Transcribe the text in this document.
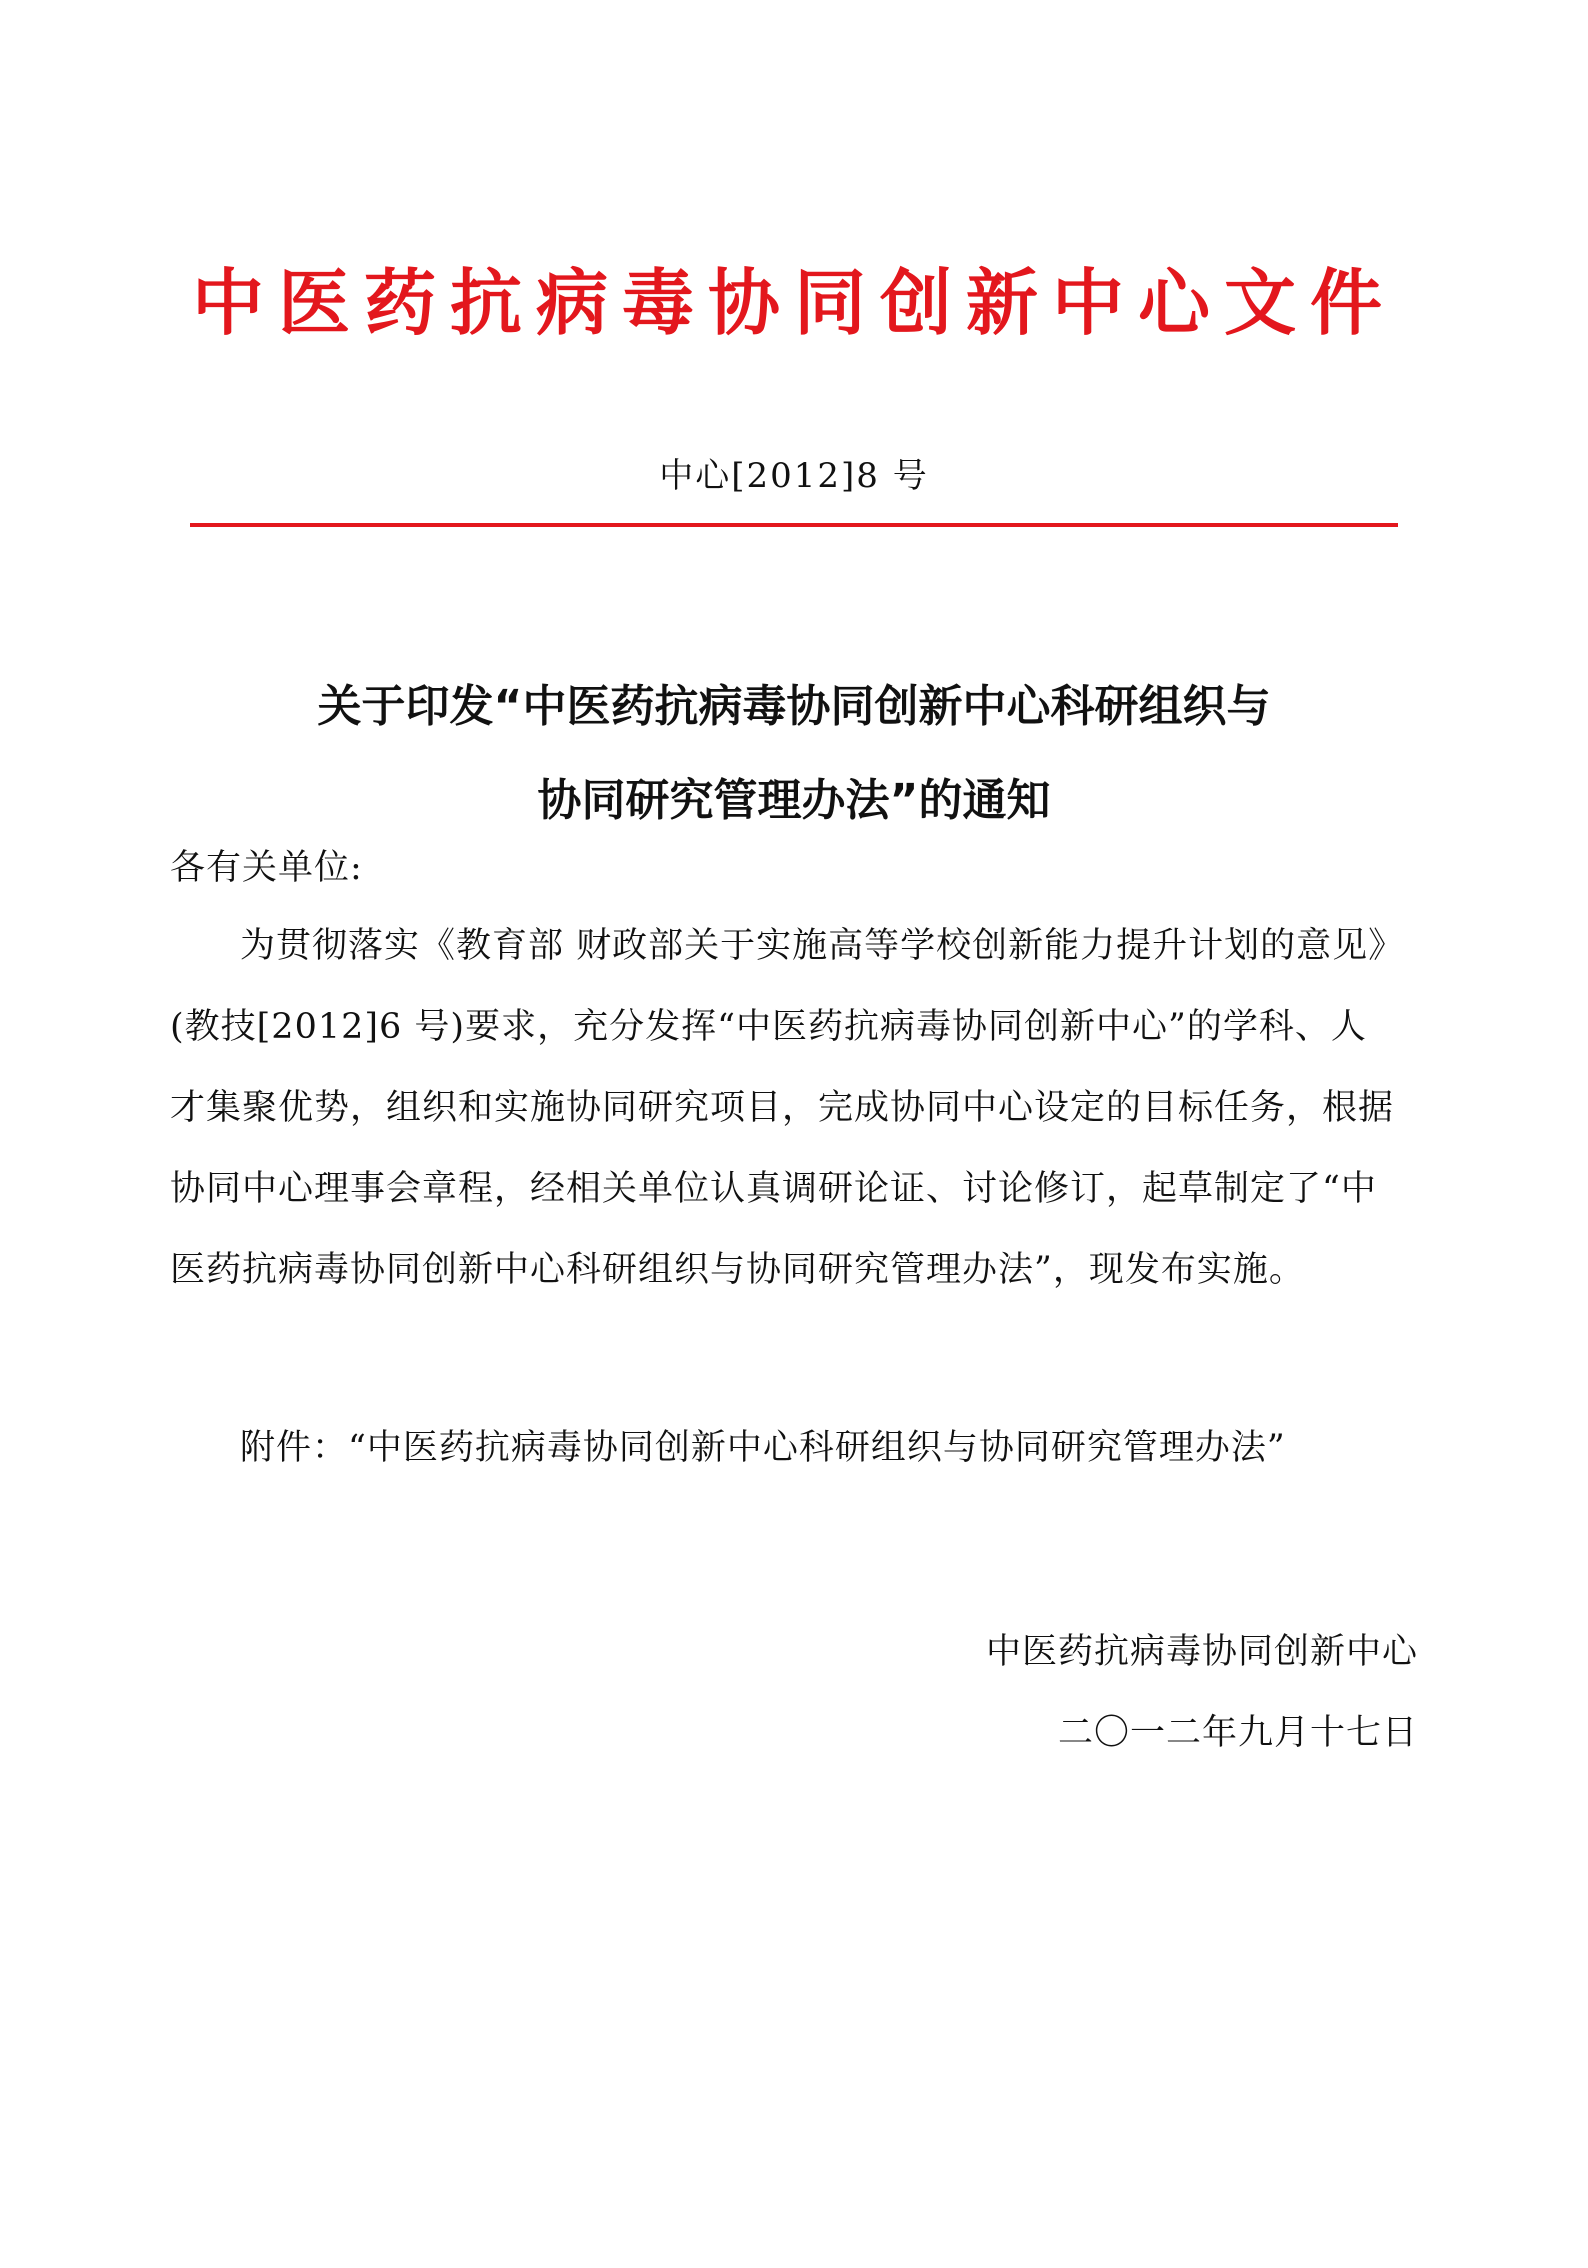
中医药抗病毒协同创新中心文件
中心[2012]8 号
关于印发“中医药抗病毒协同创新中心科研组织与
协同研究管理办法”的通知
各有关单位:
为贯彻落实《教育部 财政部关于实施高等学校创新能力提升计划的意见》
(教技[2012]6 号)要求，充分发挥“中医药抗病毒协同创新中心”的学科、人
才集聚优势，组织和实施协同研究项目，完成协同中心设定的目标任务，根据
协同中心理事会章程，经相关单位认真调研论证、讨论修订，起草制定了“中
医药抗病毒协同创新中心科研组织与协同研究管理办法”，现发布实施。
附件：“中医药抗病毒协同创新中心科研组织与协同研究管理办法”
中医药抗病毒协同创新中心
二〇一二年九月十七日
